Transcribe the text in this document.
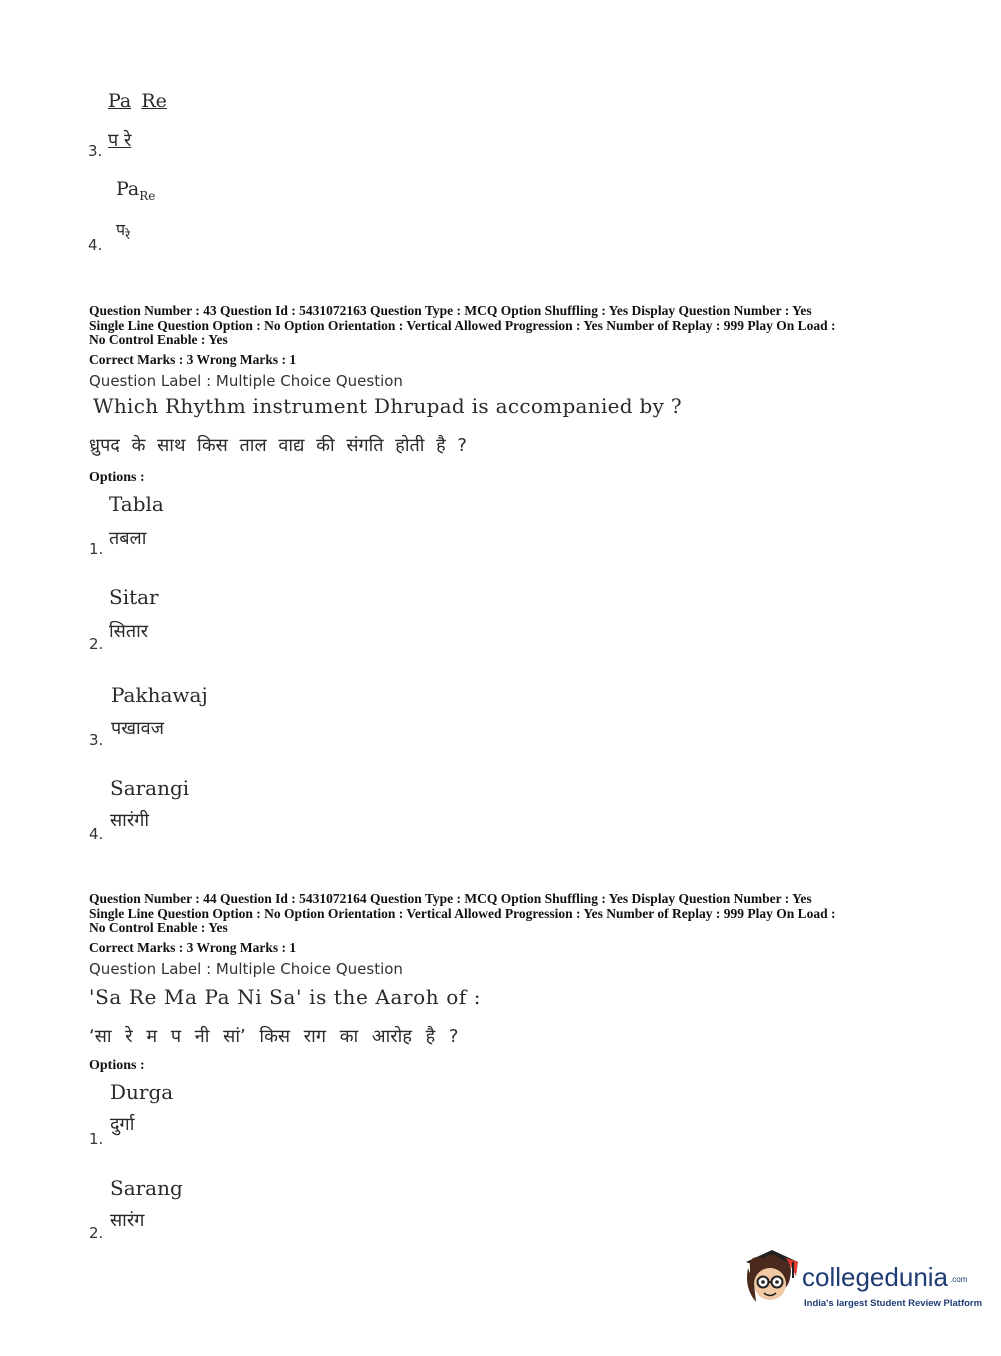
Pa Re
3. प रे
$Pa_{Re}$
4.
प$_{रे}$
Question Number : 43 Question Id : 5431072163 Question Type : MCQ Option Shuffling : Yes Display Question Number : Yes
Single Line Question Option : No Option Orientation : Vertical Allowed Progression : Yes Number of Replay : 999 Play On Load :
No Control Enable : Yes
Correct Marks : 3 Wrong Marks : 1
Question Label : Multiple Choice Question
Which Rhythm instrument Dhrupad is accompanied by ?
ध्रुपद के साथ किस ताल वाद्य की संगति होती है ?
Options :
Tabla
तबला
1.
Sitar
सितार
2.
Pakhawaj
पखावज
3.
Sarangi
सारंगी
4.
Question Number : 44 Question Id : 5431072164 Question Type : MCQ Option Shuffling : Yes Display Question Number : Yes
Single Line Question Option : No Option Orientation : Vertical Allowed Progression : Yes Number of Replay : 999 Play On Load :
No Control Enable : Yes
Correct Marks : 3 Wrong Marks : 1
Question Label : Multiple Choice Question
'Sa Re Ma Pa Ni Sa' is the Aaroh of :
‘सा रे म प नी सां’ किस राग का आरोह है ?
Options :
Durga
दुर्गा
1.
Sarang
सारंग
2.
collegedunia .com
India's largest Student Review Platform
